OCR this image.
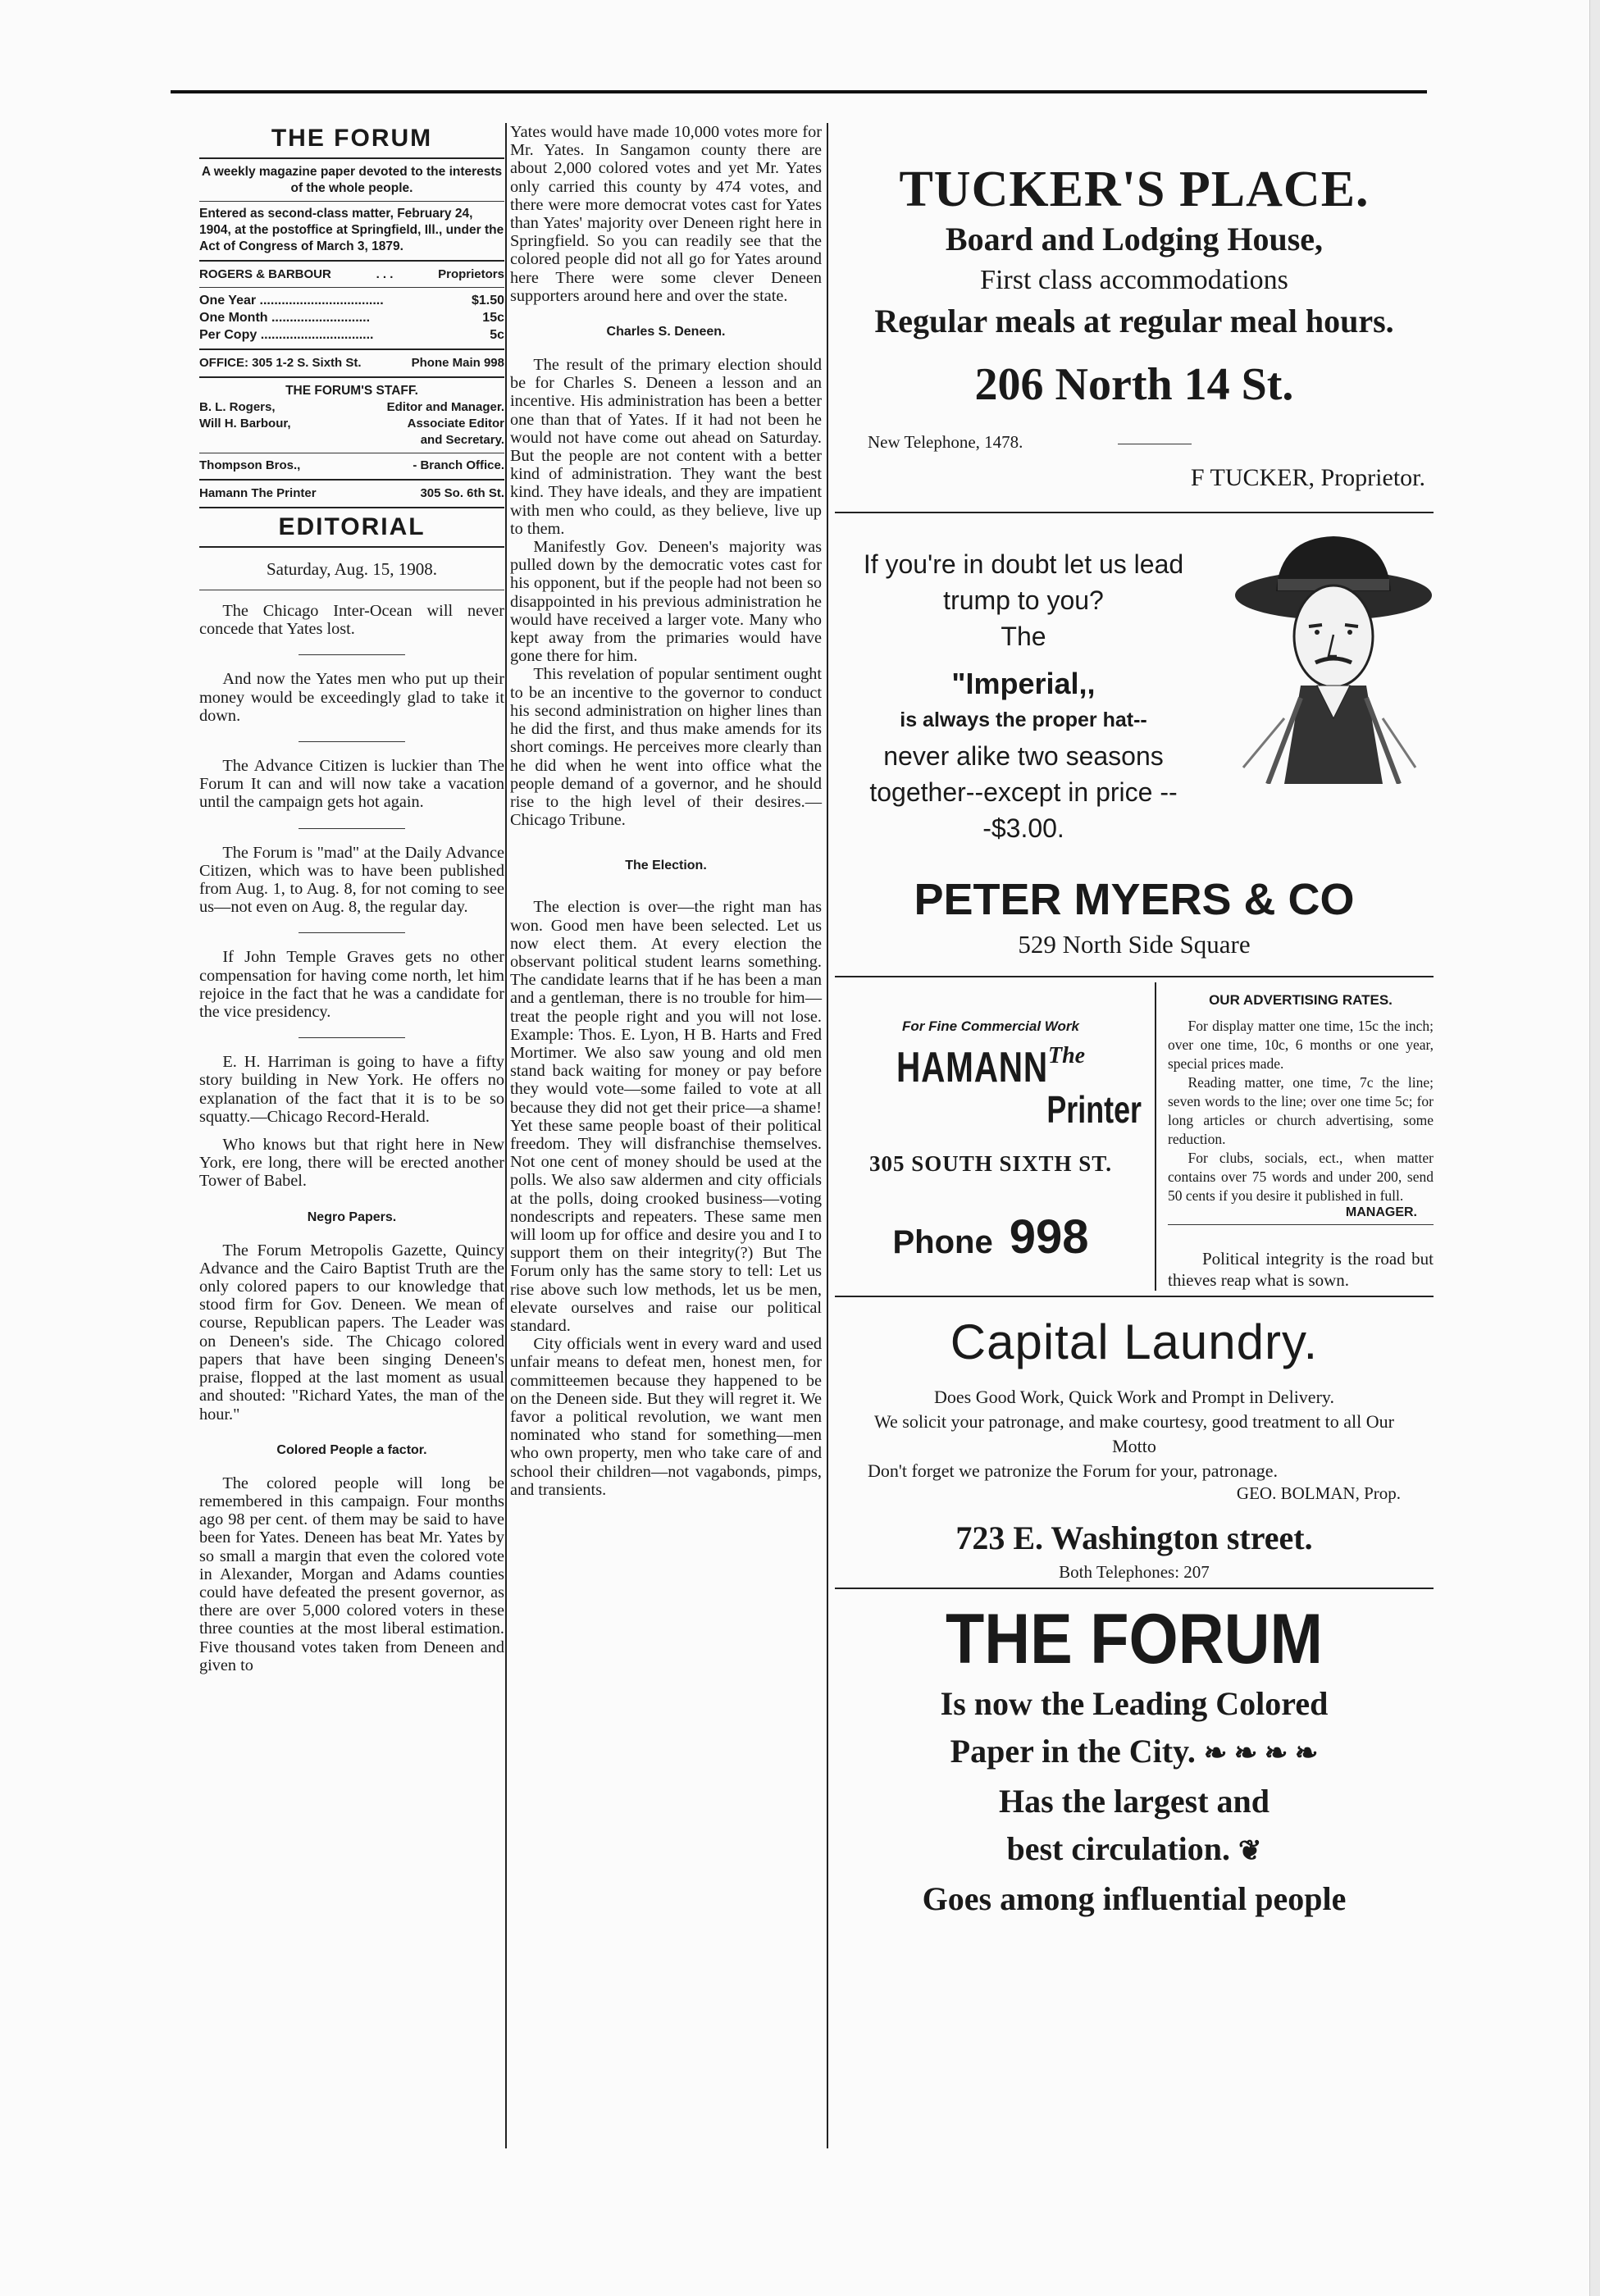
THE FORUM
A weekly magazine paper devoted to the interests of the whole people.
Entered as second-class matter, February 24, 1904, at the postoffice at Springfield, Ill., under the Act of Congress of March 3, 1879.
ROGERS & BARBOUR	. . .	Proprietors
One Year ..................................	$1.50
One Month ...........................	15c
Per Copy ...............................	5c
OFFICE: 305 1-2 S. Sixth St.	Phone Main 998
THE FORUM'S STAFF.
B. L. Rogers,	Editor and Manager.
Will H. Barbour,	Associate Editor
and Secretary.
Thompson Bros.,	- Branch Office.
Hamann The Printer	305 So. 6th St.
EDITORIAL
Saturday, Aug. 15, 1908.

The Chicago Inter-Ocean will never concede that Yates lost.

And now the Yates men who put up their money would be exceedingly glad to take it down.

The Advance Citizen is luckier than The Forum It can and will now take a vacation until the campaign gets hot again.

The Forum is "mad" at the Daily Advance Citizen, which was to have been published from Aug. 1, to Aug. 8, for not coming to see us—not even on Aug. 8, the regular day.

If John Temple Graves gets no other compensation for having come north, let him rejoice in the fact that he was a candidate for the vice presidency.

E. H. Harriman is going to have a fifty story building in New York. He offers no explanation of the fact that it is to be so squatty.—Chicago Record-Herald.

Who knows but that right here in New York, ere long, there will be erected another Tower of Babel.

Negro Papers.

The Forum Metropolis Gazette, Quincy Advance and the Cairo Baptist Truth are the only colored papers to our knowledge that stood firm for Gov. Deneen. We mean of course, Republican papers. The Leader was on Deneen's side. The Chicago colored papers that have been singing Deneen's praise, flopped at the last moment as usual and shouted: "Richard Yates, the man of the hour."

Colored People a factor.

The colored people will long be remembered in this campaign. Four months ago 98 per cent. of them may be said to have been for Yates. Deneen has beat Mr. Yates by so small a margin that even the colored vote in Alexander, Morgan and Adams counties could have defeated the present governor, as there are over 5,000 colored voters in these three counties at the most liberal estimation. Five thousand votes taken from Deneen and given to

Yates would have made 10,000 votes more for Mr. Yates. In Sangamon county there are about 2,000 colored votes and yet Mr. Yates only carried this county by 474 votes, and there were more democrat votes cast for Yates than Yates' majority over Deneen right here in Springfield. So you can readily see that the colored people did not all go for Yates around here There were some clever Deneen supporters around here and over the state.

Charles S. Deneen.

The result of the primary election should be for Charles S. Deneen a lesson and an incentive. His administration has been a better one than that of Yates. If it had not been he would not have come out ahead on Saturday. But the people are not content with a better kind of administration. They want the best kind. They have ideals, and they are impatient with men who could, as they believe, live up to them.

Manifestly Gov. Deneen's majority was pulled down by the democratic votes cast for his opponent, but if the people had not been so disappointed in his previous administration he would have received a larger vote. Many who kept away from the primaries would have gone there for him.

This revelation of popular sentiment ought to be an incentive to the governor to conduct his second administration on higher lines than he did the first, and thus make amends for its short comings. He perceives more clearly than he did when he went into office what the people demand of a governor, and he should rise to the high level of their desires.—Chicago Tribune.

The Election.

The election is over—the right man has won. Good men have been selected. Let us now elect them. At every election the observant political student learns something. The candidate learns that if he has been a man and a gentleman, there is no trouble for him—treat the people right and you will not lose. Example: Thos. E. Lyon, H B. Harts and Fred Mortimer. We also saw young and old men stand back waiting for money or pay before they would vote—some failed to vote at all because they did not get their price—a shame! Yet these same people boast of their political freedom. They will disfranchise themselves. Not one cent of money should be used at the polls. We also saw aldermen and city officials at the polls, doing crooked business—voting nondescripts and repeaters. These same men will loom up for office and desire you and I to support them on their integrity(?) But The Forum only has the same story to tell: Let us rise above such low methods, let us be men, elevate ourselves and raise our political standard.

City officials went in every ward and used unfair means to defeat men, honest men, for committeemen because they happened to be on the Deneen side. But they will regret it. We favor a political revolution, we want men nominated who stand for something—men who own property, men who take care of and school their children—not vagabonds, pimps, and transients.

TUCKER'S PLACE.
Board and Lodging House,
First class accommodations
Regular meals at regular meal hours.
206 North 14 St.
New Telephone, 1478.
F TUCKER, Proprietor.
If you're in doubt let us lead trump to you?
The
"Imperial,,
is always the proper hat--
never alike two seasons together--except in price ---$3.00.
PETER MYERS & CO
529 North Side Square
For Fine Commercial Work
HAMANN The
Printer
305 SOUTH SIXTH ST.
Phone 998
OUR ADVERTISING RATES.

For display matter one time, 15c the inch; over one time, 10c, 6 months or one year, special prices made.

Reading matter, one time, 7c the line; seven words to the line; over one time 5c; for long articles or church advertising, some reduction.

For clubs, socials, ect., when matter contains over 75 words and under 200, send 50 cents if you desire it published in full.

MANAGER.

Political integrity is the road but thieves reap what is sown.

Capital Laundry.
Does Good Work, Quick Work and Prompt in Delivery.
We solicit your patronage, and make courtesy, good treatment to all Our Motto
Don't forget we patronize the Forum for your, patronage.
GEO. BOLMAN, Prop.
723 E. Washington street.
Both Telephones: 207
THE FORUM
Is now the Leading Colored
Paper in the City. ❧ ❧ ❧ ❧
Has the largest and
best circulation. ❦
Goes among influential people
